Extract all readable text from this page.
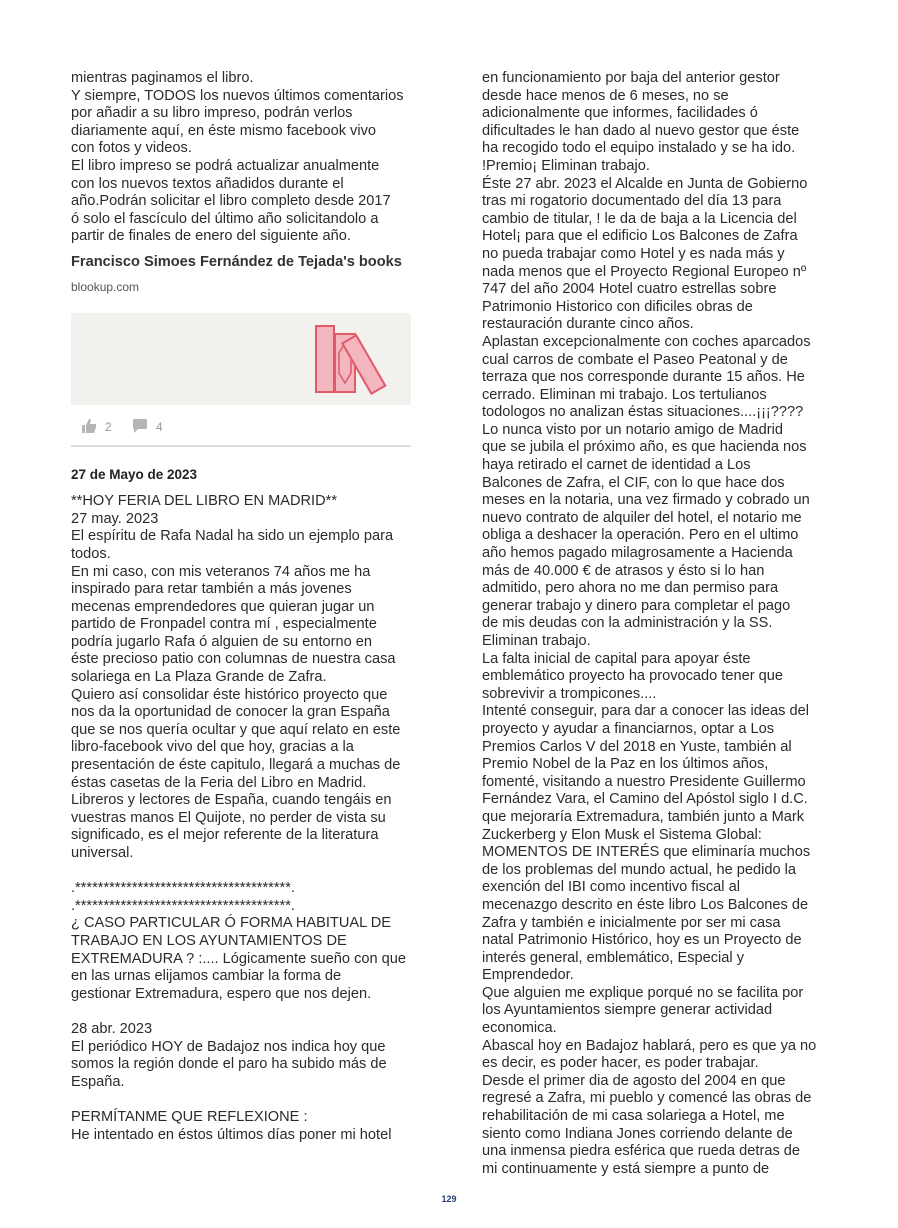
mientras paginamos el libro.
Y siempre, TODOS los nuevos últimos comentarios
por añadir a su libro impreso, podrán verlos
diariamente aquí, en éste mismo facebook vivo
con fotos y videos.
El libro impreso se podrá actualizar anualmente
con los nuevos textos añadidos durante el
año.Podrán solicitar el libro completo desde 2017
ó solo el fascículo del último año solicitandolo a
partir de finales de enero del siguiente año.
Francisco Simoes Fernández de Tejada's books
blookup.com
2	4
27 de Mayo de 2023
**HOY FERIA DEL LIBRO EN MADRID**
27 may. 2023
El espíritu de Rafa Nadal ha sido un ejemplo para
todos.
En mi caso, con mis veteranos 74 años me ha
inspirado para retar también a más jovenes
mecenas emprendedores que quieran jugar un
partido de Fronpadel contra mí , especialmente
podría jugarlo Rafa ó alguien de su entorno en
éste precioso patio con columnas de nuestra casa
solariega en La Plaza Grande de Zafra.
Quiero así consolidar éste histórico proyecto que
nos da la oportunidad de conocer la gran España
que se nos quería ocultar y que aquí relato en este
libro-facebook vivo del que hoy, gracias a la
presentación de éste capitulo, llegará a muchas de
éstas casetas de la Feria del Libro en Madrid.
Libreros y lectores de España, cuando tengáis en
vuestras manos El Quijote, no perder de vista su
significado, es el mejor referente de la literatura
universal.
.**************************************.
.**************************************.
¿ CASO PARTICULAR Ó FORMA HABITUAL DE
TRABAJO EN LOS AYUNTAMIENTOS DE
EXTREMADURA ? :.... Lógicamente sueño con que
en las urnas elijamos cambiar la forma de
gestionar Extremadura, espero que nos dejen.
28 abr. 2023
El periódico HOY de Badajoz nos indica hoy que
somos la región donde el paro ha subido más de
España.
PERMÍTANME QUE REFLEXIONE :
He intentado en éstos últimos días poner mi hotel
en funcionamiento por baja del anterior gestor
desde hace menos de 6 meses, no se
adicionalmente que informes, facilidades ó
dificultades le han dado al nuevo gestor que éste
ha recogido todo el equipo instalado y se ha ido.
!Premio¡ Eliminan trabajo.
Éste 27 abr. 2023 el Alcalde en Junta de Gobierno
tras mi rogatorio documentado del día 13 para
cambio de titular, ! le da de baja a la Licencia del
Hotel¡ para que el edificio Los Balcones de Zafra
no pueda trabajar como Hotel y es nada más y
nada menos que el Proyecto Regional Europeo nº
747 del año 2004 Hotel cuatro estrellas sobre
Patrimonio Historico con dificiles obras de
restauración durante cinco años.
Aplastan excepcionalmente con coches aparcados
cual carros de combate el Paseo Peatonal y de
terraza que nos corresponde durante 15 años. He
cerrado. Eliminan mi trabajo. Los tertulianos
todologos no analizan éstas situaciones....¡¡¡????
Lo nunca visto por un notario amigo de Madrid
que se jubila el próximo año, es que hacienda nos
haya retirado el carnet de identidad a Los
Balcones de Zafra, el CIF, con lo que hace dos
meses en la notaria, una vez firmado y cobrado un
nuevo contrato de alquiler del hotel, el notario me
obliga a deshacer la operación. Pero en el ultimo
año hemos pagado milagrosamente a Hacienda
más de 40.000 € de atrasos y ésto si lo han
admitido, pero ahora no me dan permiso para
generar trabajo y dinero para completar el pago
de mis deudas con la administración y la SS.
Eliminan trabajo.
La falta inicial de capital para apoyar éste
emblemático proyecto ha provocado tener que
sobrevivir a trompicones....
Intenté conseguir, para dar a conocer las ideas del
proyecto y ayudar a financiarnos, optar a Los
Premios Carlos V del 2018 en Yuste, también al
Premio Nobel de la Paz en los últimos años,
fomenté, visitando a nuestro Presidente Guillermo
Fernández Vara, el Camino del Apóstol siglo I d.C.
que mejoraría Extremadura, también junto a Mark
Zuckerberg y Elon Musk el Sistema Global:
MOMENTOS DE INTERÉS que eliminaría muchos
de los problemas del mundo actual, he pedido la
exención del IBI como incentivo fiscal al
mecenazgo descrito en éste libro Los Balcones de
Zafra y también e inicialmente por ser mi casa
natal Patrimonio Histórico, hoy es un Proyecto de
interés general, emblemático, Especial y
Emprendedor.
Que alguien me explique porqué no se facilita por
los Ayuntamientos siempre generar actividad
economica.
Abascal hoy en Badajoz hablará, pero es que ya no
es decir, es poder hacer, es poder trabajar.
Desde el primer dia de agosto del 2004 en que
regresé a Zafra, mi pueblo y comencé las obras de
rehabilitación de mi casa solariega a Hotel, me
siento como Indiana Jones corriendo delante de
una inmensa piedra esférica que rueda detras de
mi continuamente y está siempre a punto de
129
